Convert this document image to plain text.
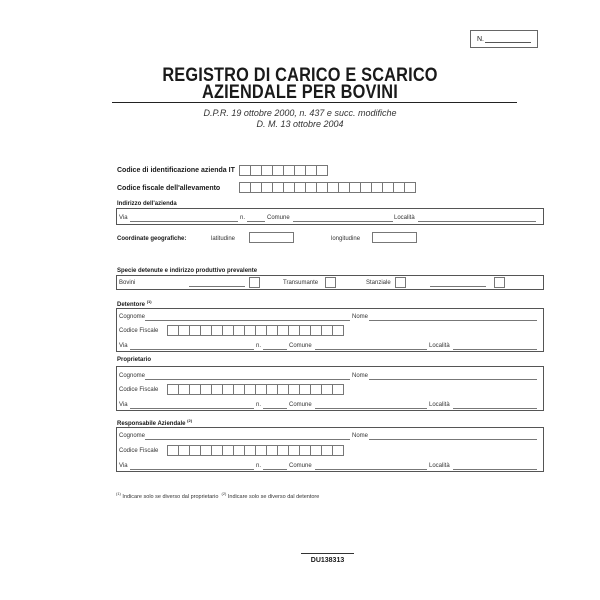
N.
REGISTRO DI CARICO E SCARICO
AZIENDALE PER BOVINI
D.P.R. 19 ottobre 2000, n. 437 e succ. modifiche
D. M. 13 ottobre 2004
Codice di identificazione azienda IT
Codice fiscale dell'allevamento
Indirizzo dell'azienda
Via	n.	Comune	Località
Coordinate geografiche:	latitudine	longitudine
Specie detenute e indirizzo produttivo prevalente
Bovini	Transumante	Stanziale
Detentore $^{(1)}$
Cognome	Nome
Codice Fiscale
Via	n.	Comune	Località
Proprietario
Cognome	Nome
Codice Fiscale
Via	n.	Comune	Località
Responsabile Aziendale $^{(2)}$
Cognome	Nome
Codice Fiscale
Via	n.	Comune	Località
$^{(1)}$ Indicare solo se diverso dal proprietario  $^{(2)}$ Indicare solo se diverso dal detentore
DU138313
